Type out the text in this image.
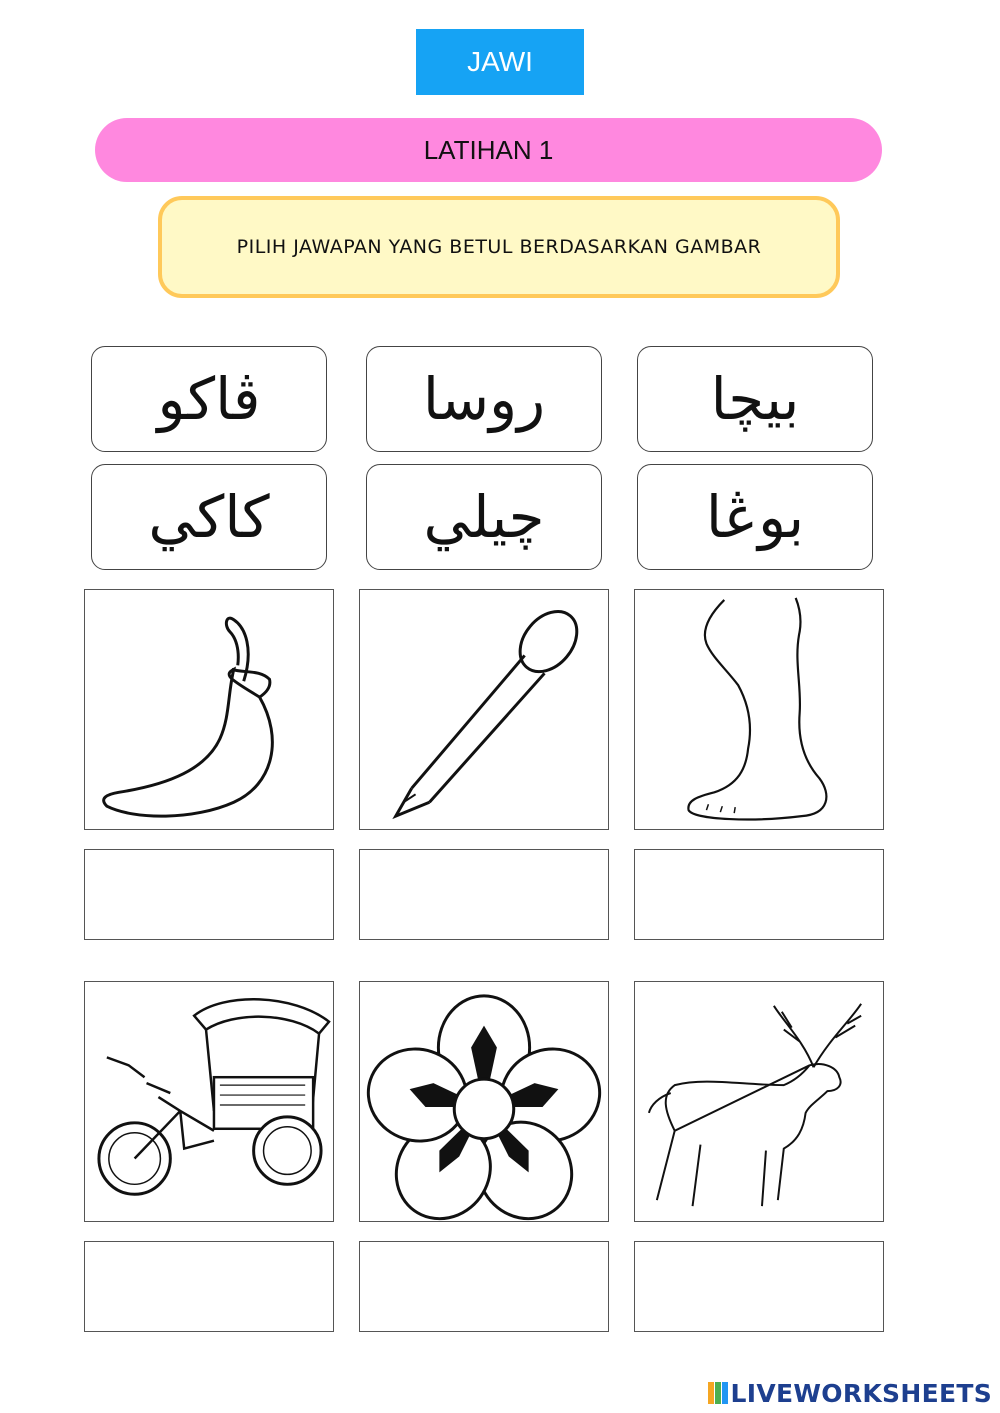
JAWI
LATIHAN 1
PILIH JAWAPAN YANG BETUL BERDASARKAN GAMBAR
ڤاکو	روسا	بيچا
کاکي	چيلي	بوڠا
LIVEWORKSHEETS
